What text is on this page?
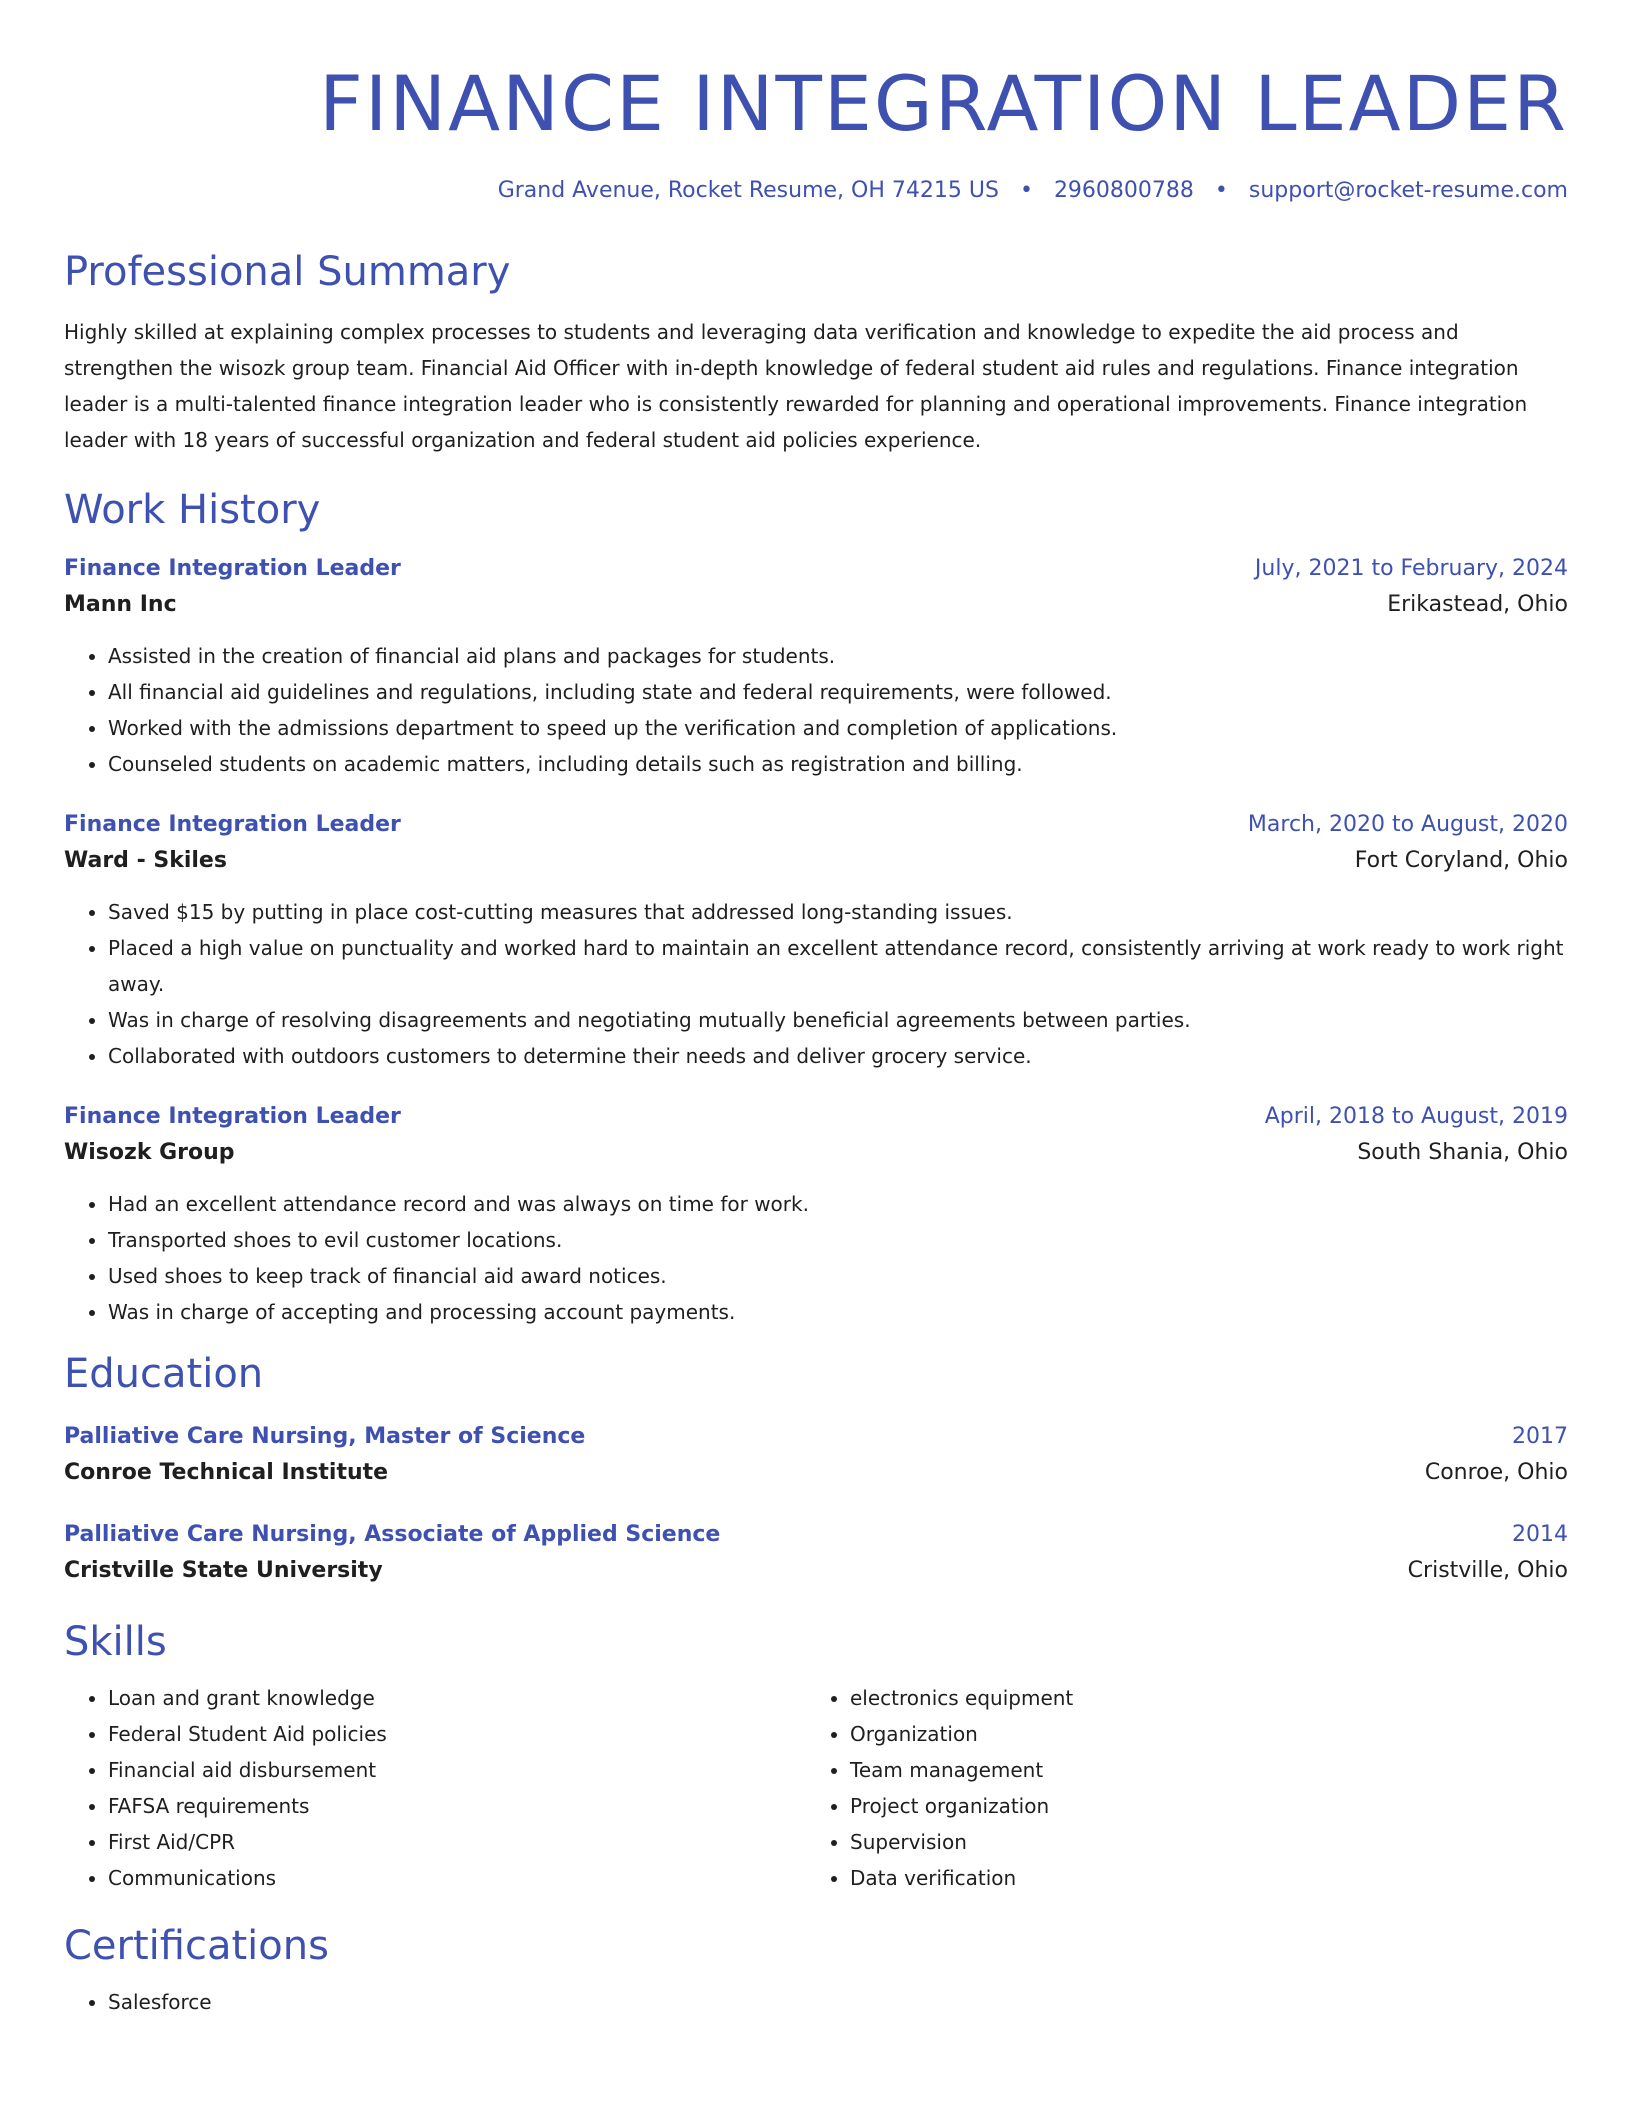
FINANCE INTEGRATION LEADER
Grand Avenue, Rocket Resume, OH 74215 US • 2960800788 • support@rocket-resume.com
Professional Summary
Highly skilled at explaining complex processes to students and leveraging data verification and knowledge to expedite the aid process and strengthen the wisozk group team. Financial Aid Officer with in-depth knowledge of federal student aid rules and regulations. Finance integration leader is a multi-talented finance integration leader who is consistently rewarded for planning and operational improvements. Finance integration leader with 18 years of successful organization and federal student aid policies experience.
Work History
Finance Integration Leader	July, 2021 to February, 2024
Mann Inc	Erikastead, Ohio
• Assisted in the creation of financial aid plans and packages for students.
• All financial aid guidelines and regulations, including state and federal requirements, were followed.
• Worked with the admissions department to speed up the verification and completion of applications.
• Counseled students on academic matters, including details such as registration and billing.
Finance Integration Leader	March, 2020 to August, 2020
Ward - Skiles	Fort Coryland, Ohio
• Saved $15 by putting in place cost-cutting measures that addressed long-standing issues.
• Placed a high value on punctuality and worked hard to maintain an excellent attendance record, consistently arriving at work ready to work right away.
• Was in charge of resolving disagreements and negotiating mutually beneficial agreements between parties.
• Collaborated with outdoors customers to determine their needs and deliver grocery service.
Finance Integration Leader	April, 2018 to August, 2019
Wisozk Group	South Shania, Ohio
• Had an excellent attendance record and was always on time for work.
• Transported shoes to evil customer locations.
• Used shoes to keep track of financial aid award notices.
• Was in charge of accepting and processing account payments.
Education
Palliative Care Nursing, Master of Science	2017
Conroe Technical Institute	Conroe, Ohio
Palliative Care Nursing, Associate of Applied Science	2014
Cristville State University	Cristville, Ohio
Skills
• Loan and grant knowledge
• Federal Student Aid policies
• Financial aid disbursement
• FAFSA requirements
• First Aid/CPR
• Communications
• electronics equipment
• Organization
• Team management
• Project organization
• Supervision
• Data verification
Certifications
• Salesforce
